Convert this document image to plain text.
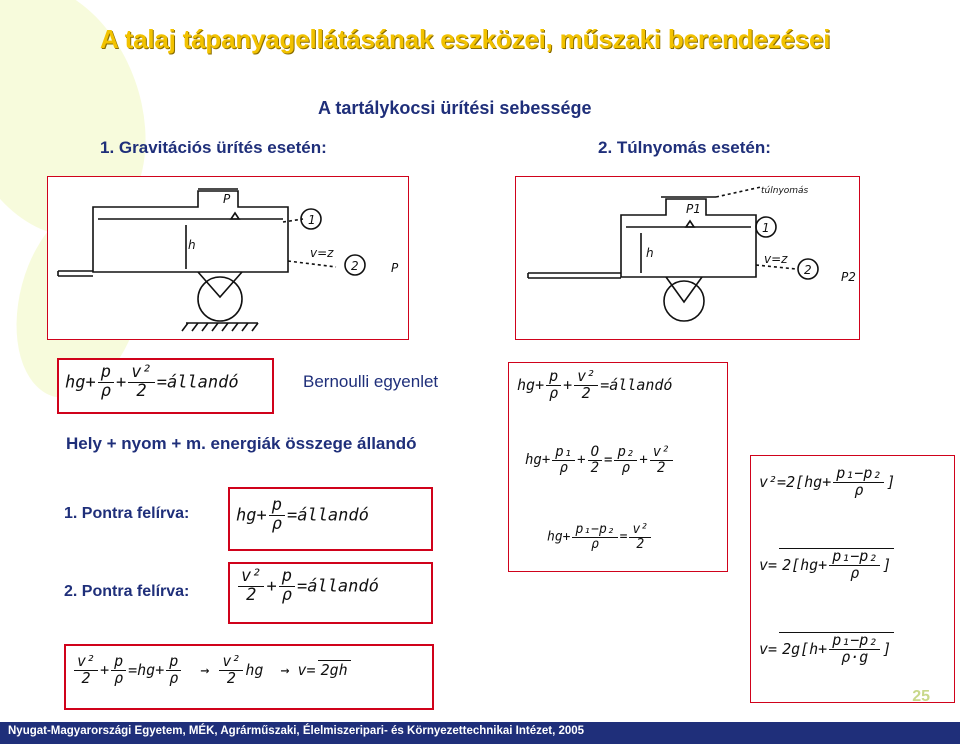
A talaj tápanyagellátásának eszközei, műszaki berendezései
A tartálykocsi ürítési sebessége
1. Gravitációs ürítés esetén:	2. Túlnyomás esetén:
P
h
v=z
1
2	P
P1
túlnyomás
h	v=z
1
2 P2
$hg+ \frac{p}{\rho} + \frac{\text{v²}}{2}$ =állandó	Bernoulli egyenlet
Hely + nyom + m. energiák összege állandó
$hg+ \frac{p}{\rho} + \frac{\text{v²}}{2}$ =állandó
$hg+ \frac{\text{p₁}}{\rho} + \frac{O}{2} = \frac{\text{p₂}}{\rho} + \frac{\text{v²}}{2}$
$hg+ \frac{\text{p₁−p₂}}{\rho} = \frac{\text{v²}}{2}$
$v^2=2[hg+ \frac{\text{p₁−p₂}}{\rho}$ ]
$v= 2[hg+ \frac{\text{p₁−p₂}}{\rho}$ ]
$v= 2g[h+ \frac{\text{p₁−p₂}}{\rho\cdot g}$ ]
1. Pontra felírva:
2. Pontra felírva:
$hg+ \frac{p}{\rho}$ =állandó
$\frac{\text{v²}}{2} + \frac{p}{\rho}$ =állandó
$\frac{\text{v²}}{2} + \frac{p}{\rho} =hg+ \frac{p}{\rho} \to \frac{\text{v²}}{2}$ hg → v= 2gh
25
Nyugat-Magyarországi Egyetem, MÉK, Agrárműszaki, Élelmiszeripari- és Környezettechnikai Intézet, 2005
